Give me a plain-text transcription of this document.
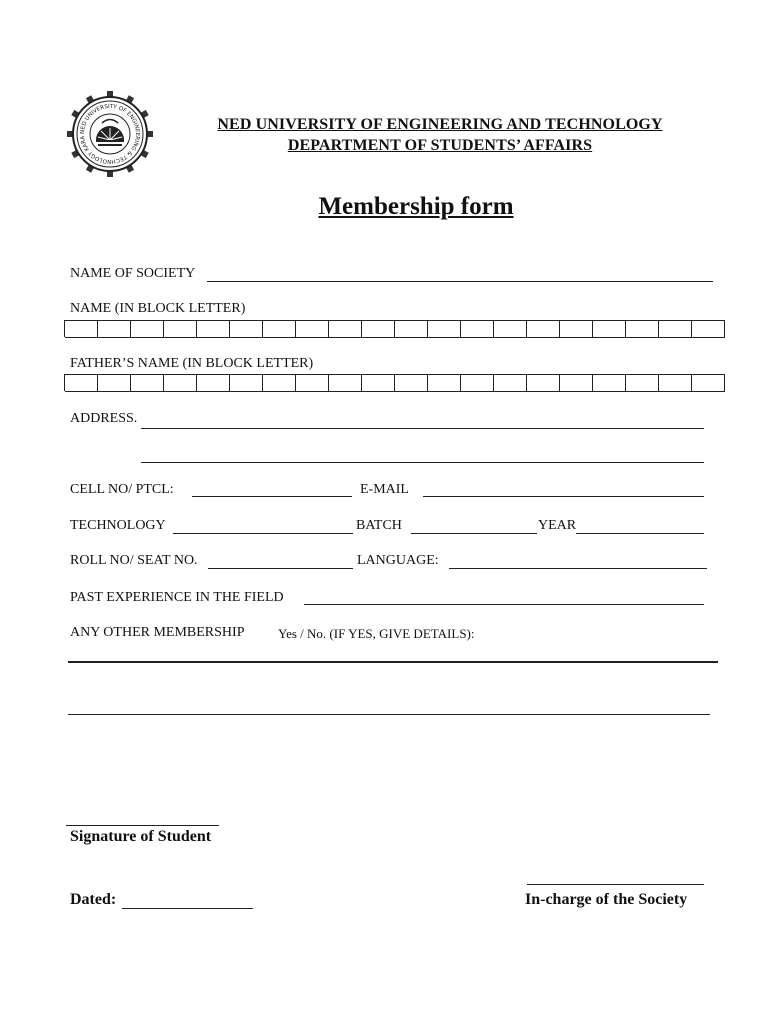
NED UNIVERSITY OF ENGINEERING & TECHNOLOGY KARA
NED UNIVERSITY OF ENGINEERING AND TECHNOLOGY
DEPARTMENT OF STUDENTS’ AFFAIRS
Membership form
NAME OF SOCIETY
NAME (IN BLOCK LETTER)
FATHER’S NAME (IN BLOCK LETTER)
ADDRESS.
CELL NO/ PTCL:	E-MAIL
TECHNOLOGY	BATCH	YEAR
ROLL NO/ SEAT NO.	LANGUAGE:
PAST EXPERIENCE IN THE FIELD
ANY OTHER MEMBERSHIP	Yes / No. (IF YES, GIVE DETAILS):
Signature of Student
Dated:	In-charge of the Society
